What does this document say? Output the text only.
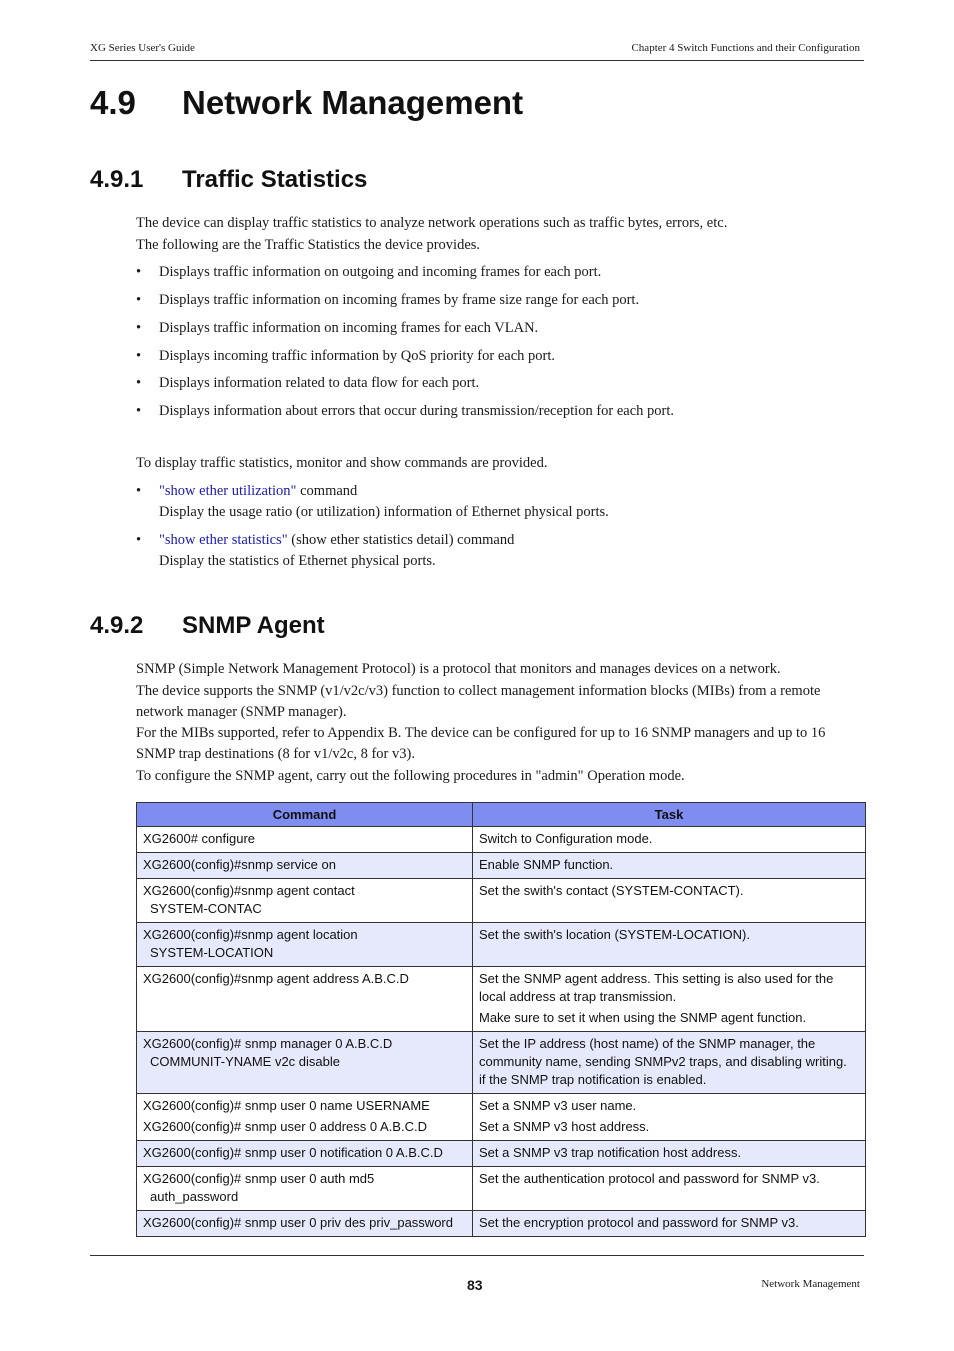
XG Series User's Guide	Chapter 4 Switch Functions and their Configuration
4.9 Network Management
4.9.1 Traffic Statistics
The device can display traffic statistics to analyze network operations such as traffic bytes, errors, etc.
The following are the Traffic Statistics the device provides.
• Displays traffic information on outgoing and incoming frames for each port.
• Displays traffic information on incoming frames by frame size range for each port.
• Displays traffic information on incoming frames for each VLAN.
• Displays incoming traffic information by QoS priority for each port.
• Displays information related to data flow for each port.
• Displays information about errors that occur during transmission/reception for each port.
To display traffic statistics, monitor and show commands are provided.
• "show ether utilization" command
Display the usage ratio (or utilization) information of Ethernet physical ports.
• "show ether statistics" (show ether statistics detail) command
Display the statistics of Ethernet physical ports.
4.9.2 SNMP Agent
SNMP (Simple Network Management Protocol) is a protocol that monitors and manages devices on a network.
The device supports the SNMP (v1/v2c/v3) function to collect management information blocks (MIBs) from a remote
network manager (SNMP manager).
For the MIBs supported, refer to Appendix B. The device can be configured for up to 16 SNMP managers and up to 16
SNMP trap destinations (8 for v1/v2c, 8 for v3).
To configure the SNMP agent, carry out the following procedures in "admin" Operation mode.
Command	Task
XG2600# configure	Switch to Configuration mode.
XG2600(config)#snmp service on	Enable SNMP function.
XG2600(config)#snmp agent contact
SYSTEM-CONTAC	Set the swith's contact (SYSTEM-CONTACT).
XG2600(config)#snmp agent location
SYSTEM-LOCATION	Set the swith's location (SYSTEM-LOCATION).
XG2600(config)#snmp agent address A.B.C.D	Set the SNMP agent address. This setting is also used for the
local address at trap transmission.
Make sure to set it when using the SNMP agent function.

XG2600(config)# snmp manager 0 A.B.C.D
COMMUNIT-YNAME v2c disable	Set the IP address (host name) of the SNMP manager, the
community name, sending SNMPv2 traps, and disabling writing.
if the SNMP trap notification is enabled.
XG2600(config)# snmp user 0 name USERNAME
XG2600(config)# snmp user 0 address 0 A.B.C.D	Set a SNMP v3 user name.
Set a SNMP v3 host address.

XG2600(config)# snmp user 0 notification 0 A.B.C.D	Set a SNMP v3 trap notification host address.
XG2600(config)# snmp user 0 auth md5
auth_password	Set the authentication protocol and password for SNMP v3.
XG2600(config)# snmp user 0 priv des priv_password	Set the encryption protocol and password for SNMP v3.
83	Network Management
